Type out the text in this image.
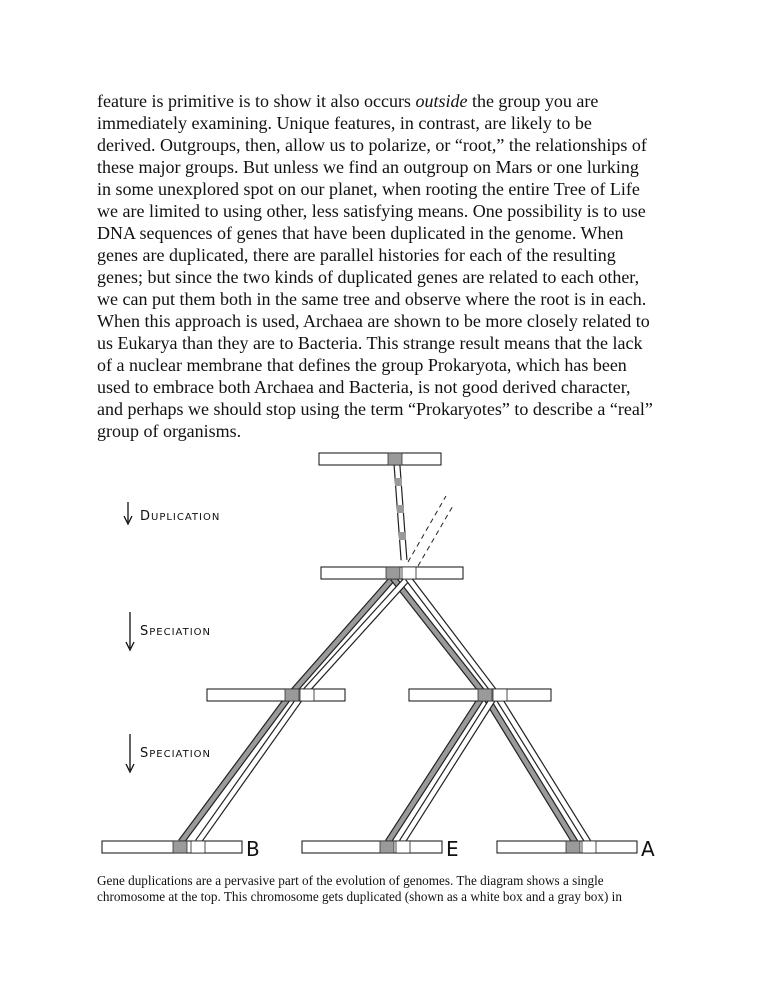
feature is primitive is to show it also occurs outside the group you are
immediately examining. Unique features, in contrast, are likely to be
derived. Outgroups, then, allow us to polarize, or “root,” the relationships of
these major groups. But unless we find an outgroup on Mars or one lurking
in some unexplored spot on our planet, when rooting the entire Tree of Life
we are limited to using other, less satisfying means. One possibility is to use
DNA sequences of genes that have been duplicated in the genome. When
genes are duplicated, there are parallel histories for each of the resulting
genes; but since the two kinds of duplicated genes are related to each other,
we can put them both in the same tree and observe where the root is in each.
When this approach is used, Archaea are shown to be more closely related to
us Eukarya than they are to Bacteria. This strange result means that the lack
of a nuclear membrane that defines the group Prokaryota, which has been
used to embrace both Archaea and Bacteria, is not good derived character,
and perhaps we should stop using the term “Prokaryotes” to describe a “real”
group of organisms.
DUPLICATION
SPECIATION
SPECIATION
B	E	A
Gene duplications are a pervasive part of the evolution of genomes. The diagram shows a single
chromosome at the top. This chromosome gets duplicated (shown as a white box and a gray box) in
